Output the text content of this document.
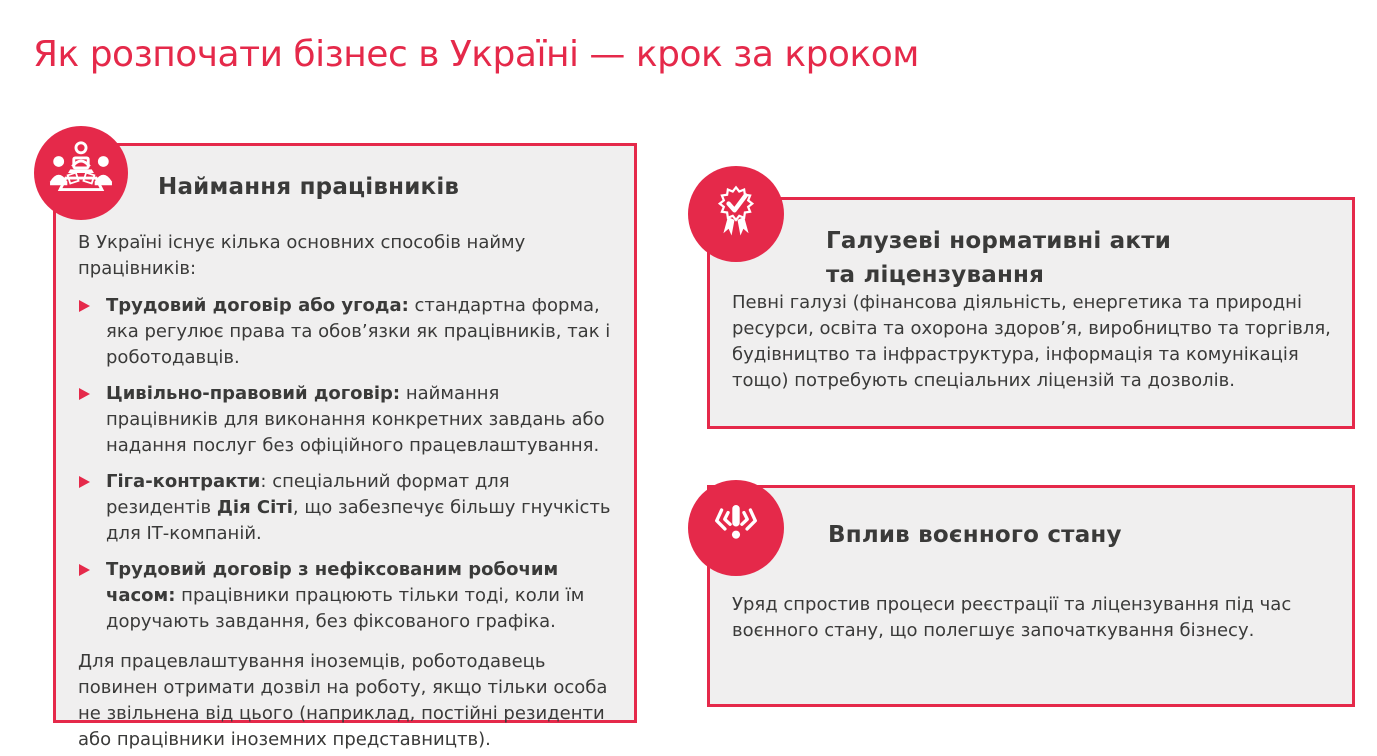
Як розпочати бізнес в Україні — крок за кроком
Наймання працівників

В Україні існує кілька основних способів найму працівників:

Трудовий договір або угода: стандартна форма, яка регулює права та обов’язки як працівників, так і роботодавців.
Цивільно-правовий договір: наймання працівників для виконання конкретних завдань або надання послуг без офіційного працевлаштування.
Гіга-контракти: спеціальний формат для резидентів Дія Сіті, що забезпечує більшу гнучкість для ІТ-компаній.
Трудовий договір з нефіксованим робочим часом: працівники працюють тільки тоді, коли їм доручають завдання, без фіксованого графіка.

Для працевлаштування іноземців, роботодавець повинен отримати дозвіл на роботу, якщо тільки особа не звільнена від цього (наприклад, постійні резиденти або працівники іноземних представництв).

Галузеві нормативні акти
та ліцензування

Певні галузі (фінансова діяльність, енергетика та природні ресурси, освіта та охорона здоров’я, виробництво та торгівля, будівництво та інфраструктура, інформація та комунікація тощо) потребують спеціальних ліцензій та дозволів.

Вплив воєнного стану

Уряд спростив процеси реєстрації та ліцензування під час воєнного стану, що полегшує започаткування бізнесу.
